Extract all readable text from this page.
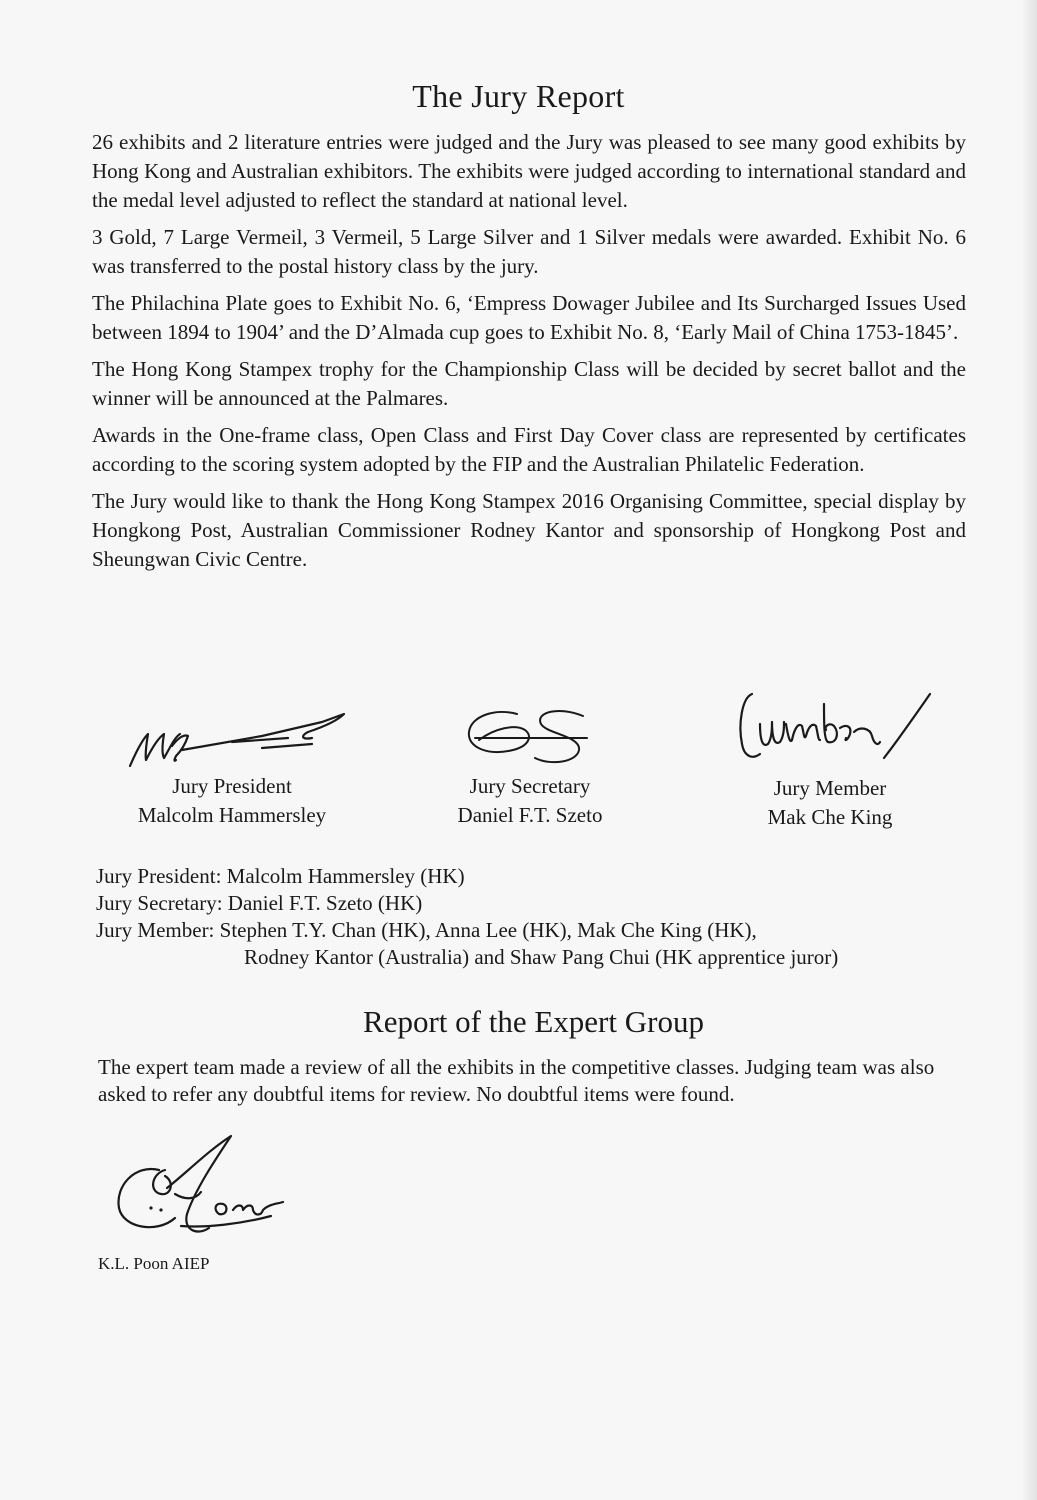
The Jury Report

26 exhibits and 2 literature entries were judged and the Jury was pleased to see many good exhibits by Hong Kong and Australian exhibitors. The exhibits were judged according to international standard and the medal level adjusted to reflect the standard at national level.

3 Gold, 7 Large Vermeil, 3 Vermeil, 5 Large Silver and 1 Silver medals were awarded. Exhibit No. 6 was transferred to the postal history class by the jury.

The Philachina Plate goes to Exhibit No. 6, ‘Empress Dowager Jubilee and Its Surcharged Issues Used between 1894 to 1904’ and the D’Almada cup goes to Exhibit No. 8, ‘Early Mail of China 1753-1845’.

The Hong Kong Stampex trophy for the Championship Class will be decided by secret ballot and the winner will be announced at the Palmares.

Awards in the One-frame class, Open Class and First Day Cover class are represented by certificates according to the scoring system adopted by the FIP and the Australian Philatelic Federation.

The Jury would like to thank the Hong Kong Stampex 2016 Organising Committee, special display by Hongkong Post, Australian Commissioner Rodney Kantor and sponsorship of Hongkong Post and Sheungwan Civic Centre.

Jury President
Malcolm Hammersley
Jury Secretary
Daniel F.T. Szeto
Jury Member
Mak Che King
Jury President: Malcolm Hammersley (HK)
Jury Secretary: Daniel F.T. Szeto (HK)
Jury Member: Stephen T.Y. Chan (HK), Anna Lee (HK), Mak Che King (HK),
Rodney Kantor (Australia) and Shaw Pang Chui (HK apprentice juror)
Report of the Expert Group

The expert team made a review of all the exhibits in the competitive classes. Judging team was also asked to refer any doubtful items for review. No doubtful items were found.

K.L. Poon AIEP
